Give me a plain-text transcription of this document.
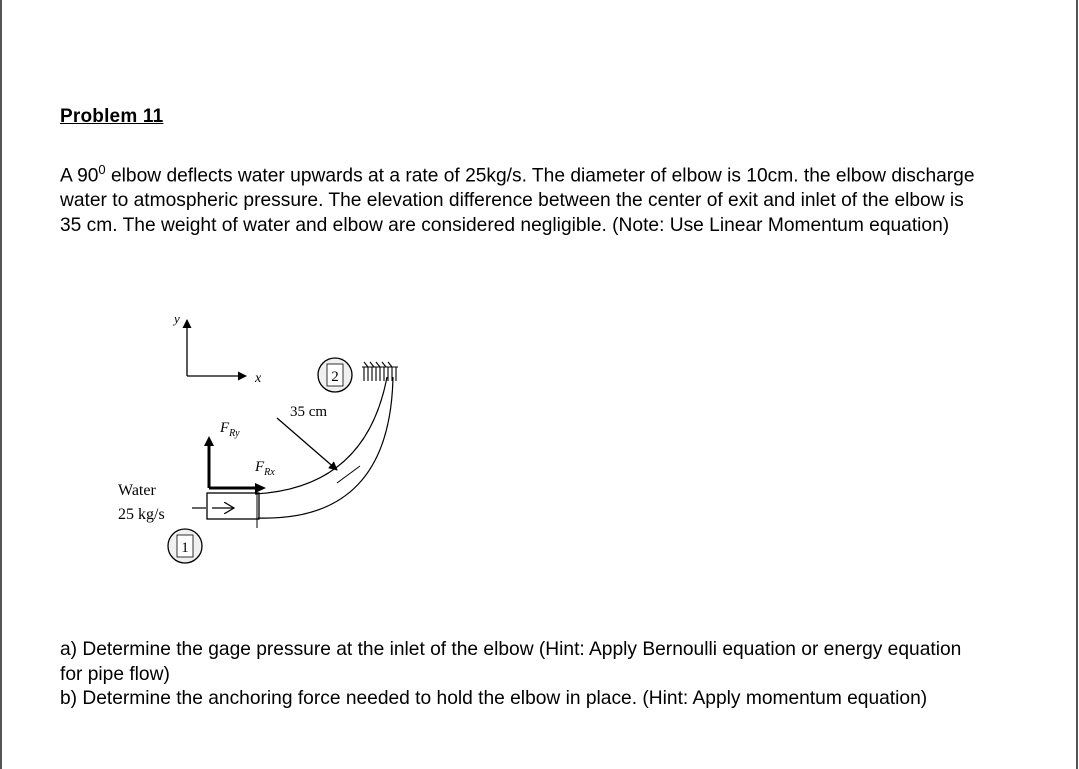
Problem 11
A $90^0$ elbow deflects water upwards at a rate of 25kg/s. The diameter of elbow is 10cm. the elbow discharge water to atmospheric pressure. The elevation difference between the center of exit and inlet of the elbow is 35 cm. The weight of water and elbow are considered negligible. (Note: Use Linear Momentum equation)
y
x	2
1
35 cm
$F_{Ry}$
$F_{Rx}$
Water
25 kg/s
a) Determine the gage pressure at the inlet of the elbow (Hint: Apply Bernoulli equation or energy equation for pipe flow)
b) Determine the anchoring force needed to hold the elbow in place. (Hint: Apply momentum equation)
